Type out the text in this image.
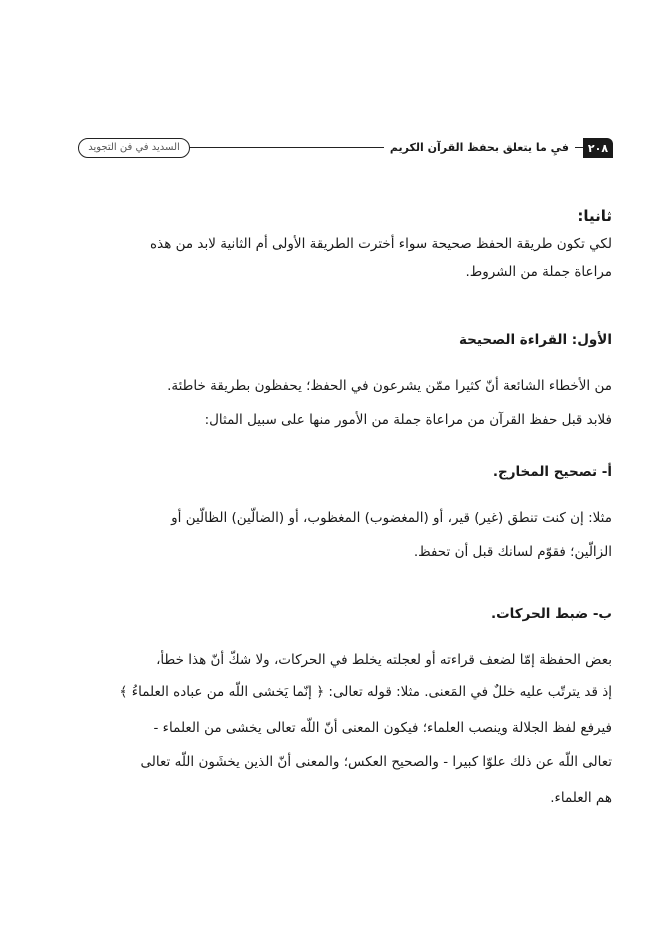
٢٠٨
فيِ ما يتعلق بحفظ القرآن الكريم
السديد في فن التجويد
ثانيا:
لكي تكون طريقة الحفظ صحيحة سواء أخترت الطريقة الأولى أم الثانية لابد من هذه
مراعاة جملة من الشروط.
الأول: القراءة الصحيحة
من الأخطاء الشائعة أنّ كثيرا ممّن يشرعون في الحفظ؛ يحفظون بطريقة خاطئة.
فلابد قبل حفظ القرآن من مراعاة جملة من الأمور منها على سبيل المثال:
أ- تصحيح المخارج.
مثلا: إن كنت تنطق (غير) قير، أو (المغضوب) المغظوب، أو (الضالّين) الظالّين أو
الزالّين؛ فقوّم لسانك قبل أن تحفظ.
ب- ضبط الحركات.
بعض الحفظة إمّا لضعف قراءته أو لعجلته يخلط في الحركات، ولا شكّ أنّ هذا خطأ،
إذ قد يترتّب عليه خللٌ في المَعنى. مثلا: قوله تعالى: ﴿ إنّما يَخشى اللّه من عباده العلماءُ ﴾
فيرفع لفظ الجلالة وينصب العلماء؛ فيكون المعنى أنّ اللّه تعالى يخشى من العلماء -
تعالى اللّه عن ذلك علوّا كبيرا - والصحيح العكس؛ والمعنى أنّ الذين يخشَون اللّه تعالى
هم العلماء.
